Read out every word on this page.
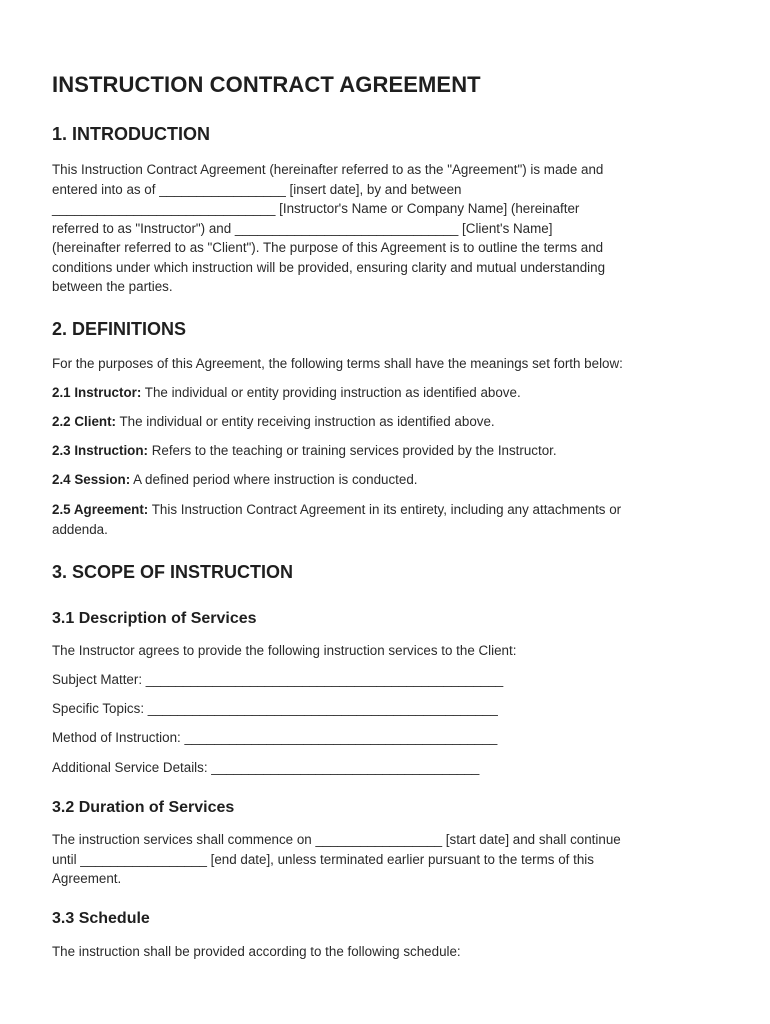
INSTRUCTION CONTRACT AGREEMENT
1. INTRODUCTION
This Instruction Contract Agreement (hereinafter referred to as the "Agreement") is made and
entered into as of _________________ [insert date], by and between
______________________________ [Instructor's Name or Company Name] (hereinafter
referred to as "Instructor") and ______________________________ [Client's Name]
(hereinafter referred to as "Client"). The purpose of this Agreement is to outline the terms and
conditions under which instruction will be provided, ensuring clarity and mutual understanding
between the parties.
2. DEFINITIONS
For the purposes of this Agreement, the following terms shall have the meanings set forth below:
2.1 Instructor: The individual or entity providing instruction as identified above.
2.2 Client: The individual or entity receiving instruction as identified above.
2.3 Instruction: Refers to the teaching or training services provided by the Instructor.
2.4 Session: A defined period where instruction is conducted.
2.5 Agreement: This Instruction Contract Agreement in its entirety, including any attachments or
addenda.
3. SCOPE OF INSTRUCTION
3.1 Description of Services
The Instructor agrees to provide the following instruction services to the Client:
Subject Matter: ________________________________________________
Specific Topics: _______________________________________________
Method of Instruction: __________________________________________
Additional Service Details: ____________________________________
3.2 Duration of Services
The instruction services shall commence on _________________ [start date] and shall continue
until _________________ [end date], unless terminated earlier pursuant to the terms of this
Agreement.
3.3 Schedule
The instruction shall be provided according to the following schedule:
